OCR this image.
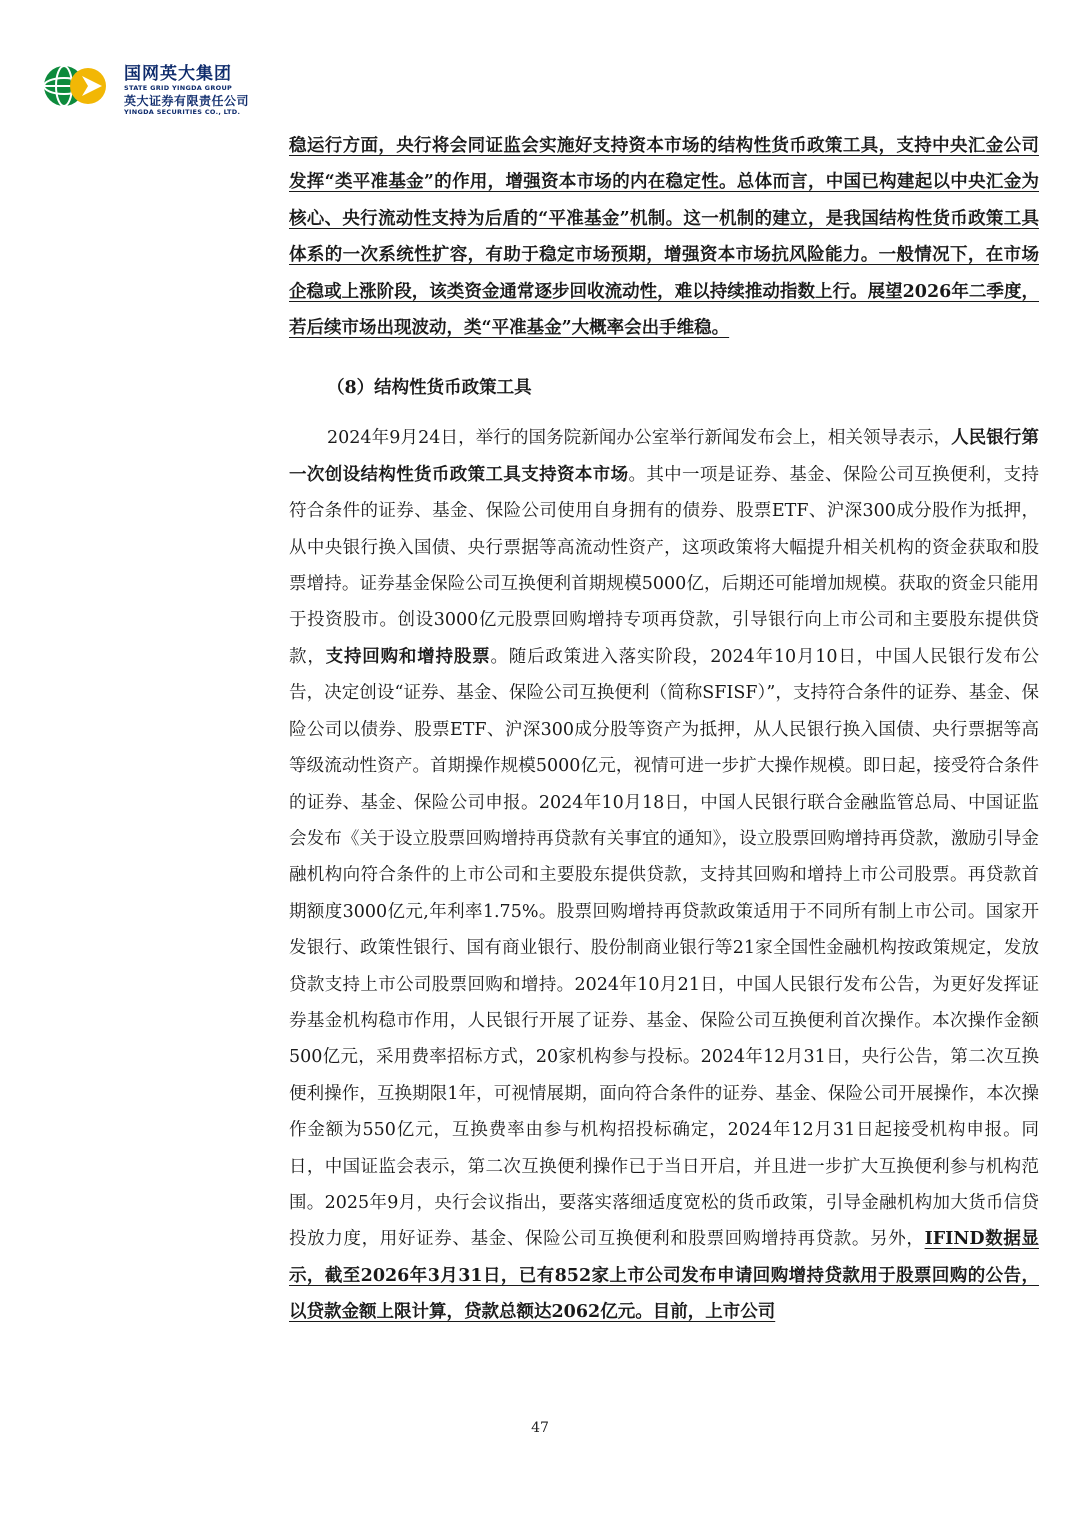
国网英大集团
STATE GRID YINGDA GROUP
英大证券有限责任公司
YINGDA SECURITIES CO., LTD.

稳运行方面，央行将会同证监会实施好支持资本市场的结构性货币政策工具，支持中央汇金公司发挥“类平准基金”的作用，增强资本市场的内在稳定性。总体而言，中国已构建起以中央汇金为核心、央行流动性支持为后盾的“平准基金”机制。这一机制的建立，是我国结构性货币政策工具体系的一次系统性扩容，有助于稳定市场预期，增强资本市场抗风险能力。一般情况下，在市场企稳或上涨阶段，该类资金通常逐步回收流动性，难以持续推动指数上行。展望2026年二季度，若后续市场出现波动，类“平准基金”大概率会出手维稳。

（8）结构性货币政策工具

2024年9月24日，举行的国务院新闻办公室举行新闻发布会上，相关领导表示，人民银行第一次创设结构性货币政策工具支持资本市场。其中一项是证券、基金、保险公司互换便利，支持符合条件的证券、基金、保险公司使用自身拥有的债券、股票ETF、沪深300成分股作为抵押，从中央银行换入国债、央行票据等高流动性资产，这项政策将大幅提升相关机构的资金获取和股票增持。证券基金保险公司互换便利首期规模5000亿，后期还可能增加规模。获取的资金只能用于投资股市。创设3000亿元股票回购增持专项再贷款，引导银行向上市公司和主要股东提供贷款，支持回购和增持股票。随后政策进入落实阶段，2024年10月10日，中国人民银行发布公告，决定创设“证券、基金、保险公司互换便利（简称SFISF）”，支持符合条件的证券、基金、保险公司以债券、股票ETF、沪深300成分股等资产为抵押，从人民银行换入国债、央行票据等高等级流动性资产。首期操作规模5000亿元，视情可进一步扩大操作规模。即日起，接受符合条件的证券、基金、保险公司申报。2024年10月18日，中国人民银行联合金融监管总局、中国证监会发布《关于设立股票回购增持再贷款有关事宜的通知》，设立股票回购增持再贷款，激励引导金融机构向符合条件的上市公司和主要股东提供贷款，支持其回购和增持上市公司股票。再贷款首期额度3000亿元,年利率1.75%。股票回购增持再贷款政策适用于不同所有制上市公司。国家开发银行、政策性银行、国有商业银行、股份制商业银行等21家全国性金融机构按政策规定，发放贷款支持上市公司股票回购和增持。2024年10月21日，中国人民银行发布公告，为更好发挥证券基金机构稳市作用，人民银行开展了证券、基金、保险公司互换便利首次操作。本次操作金额500亿元，采用费率招标方式，20家机构参与投标。2024年12月31日，央行公告，第二次互换便利操作，互换期限1年，可视情展期，面向符合条件的证券、基金、保险公司开展操作，本次操作金额为550亿元，互换费率由参与机构招投标确定，2024年12月31日起接受机构申报。同日，中国证监会表示，第二次互换便利操作已于当日开启，并且进一步扩大互换便利参与机构范围。2025年9月，央行会议指出，要落实落细适度宽松的货币政策，引导金融机构加大货币信贷投放力度，用好证券、基金、保险公司互换便利和股票回购增持再贷款。另外，IFIND数据显示，截至2026年3月31日，已有852家上市公司发布申请回购增持贷款用于股票回购的公告，以贷款金额上限计算，贷款总额达2062亿元。目前，上市公司

47
